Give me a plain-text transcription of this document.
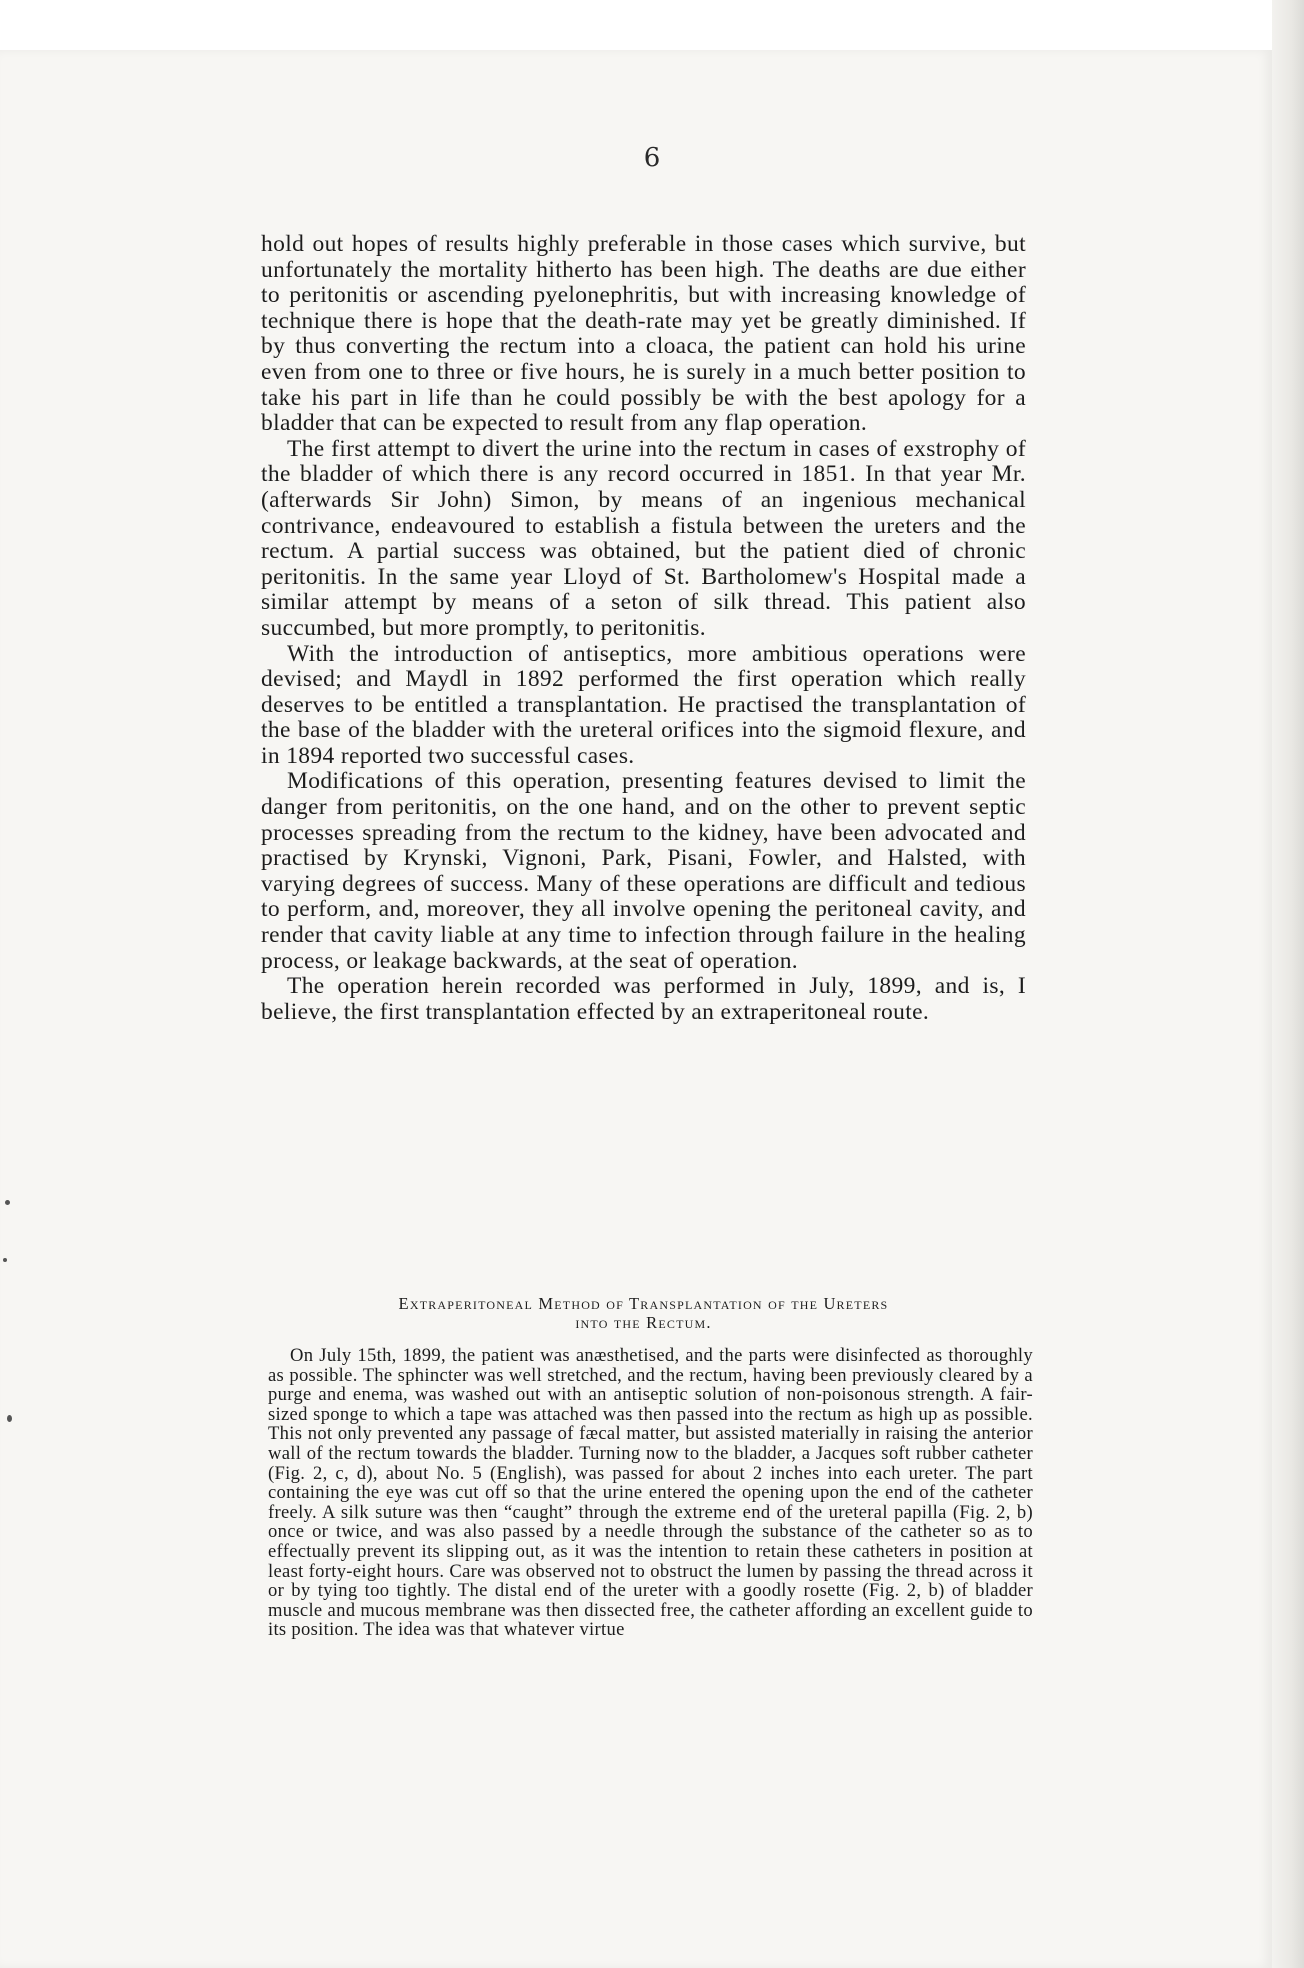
6

hold out hopes of results highly preferable in those cases which survive, but unfortunately the mortality hitherto has been high. The deaths are due either to peritonitis or ascending pyelonephritis, but with increasing knowledge of technique there is hope that the death-rate may yet be greatly diminished. If by thus converting the rectum into a cloaca, the patient can hold his urine even from one to three or five hours, he is surely in a much better position to take his part in life than he could possibly be with the best apology for a bladder that can be expected to result from any flap operation.

The first attempt to divert the urine into the rectum in cases of exstrophy of the bladder of which there is any record occurred in 1851. In that year Mr. (afterwards Sir John) Simon, by means of an ingenious mechanical contrivance, endeavoured to establish a fistula between the ureters and the rectum. A partial success was obtained, but the patient died of chronic peritonitis. In the same year Lloyd of St. Bartholomew's Hospital made a similar attempt by means of a seton of silk thread. This patient also succumbed, but more promptly, to peritonitis.

With the introduction of antiseptics, more ambitious operations were devised; and Maydl in 1892 performed the first operation which really deserves to be entitled a transplantation. He practised the transplantation of the base of the bladder with the ureteral orifices into the sigmoid flexure, and in 1894 reported two successful cases.

Modifications of this operation, presenting features devised to limit the danger from peritonitis, on the one hand, and on the other to prevent septic processes spreading from the rectum to the kidney, have been advocated and practised by Krynski, Vignoni, Park, Pisani, Fowler, and Halsted, with varying degrees of success. Many of these operations are difficult and tedious to perform, and, moreover, they all involve opening the peritoneal cavity, and render that cavity liable at any time to infection through failure in the healing process, or leakage backwards, at the seat of operation.

The operation herein recorded was performed in July, 1899, and is, I believe, the first transplantation effected by an extraperitoneal route.

Extraperitoneal Method of Transplantation of the Ureters
into the Rectum.

On July 15th, 1899, the patient was anæsthetised, and the parts were disinfected as thoroughly as possible. The sphincter was well stretched, and the rectum, having been previously cleared by a purge and enema, was washed out with an antiseptic solution of non-poisonous strength. A fair-sized sponge to which a tape was attached was then passed into the rectum as high up as possible. This not only prevented any passage of fæcal matter, but assisted materially in raising the anterior wall of the rectum towards the bladder. Turning now to the bladder, a Jacques soft rubber catheter (Fig. 2, c, d), about No. 5 (English), was passed for about 2 inches into each ureter. The part containing the eye was cut off so that the urine entered the opening upon the end of the catheter freely. A silk suture was then “caught” through the extreme end of the ureteral papilla (Fig. 2, b) once or twice, and was also passed by a needle through the substance of the catheter so as to effectually prevent its slipping out, as it was the intention to retain these catheters in position at least forty-eight hours. Care was observed not to obstruct the lumen by passing the thread across it or by tying too tightly. The distal end of the ureter with a goodly rosette (Fig. 2, b) of bladder muscle and mucous membrane was then dissected free, the catheter affording an excellent guide to its position. The idea was that whatever virtue
